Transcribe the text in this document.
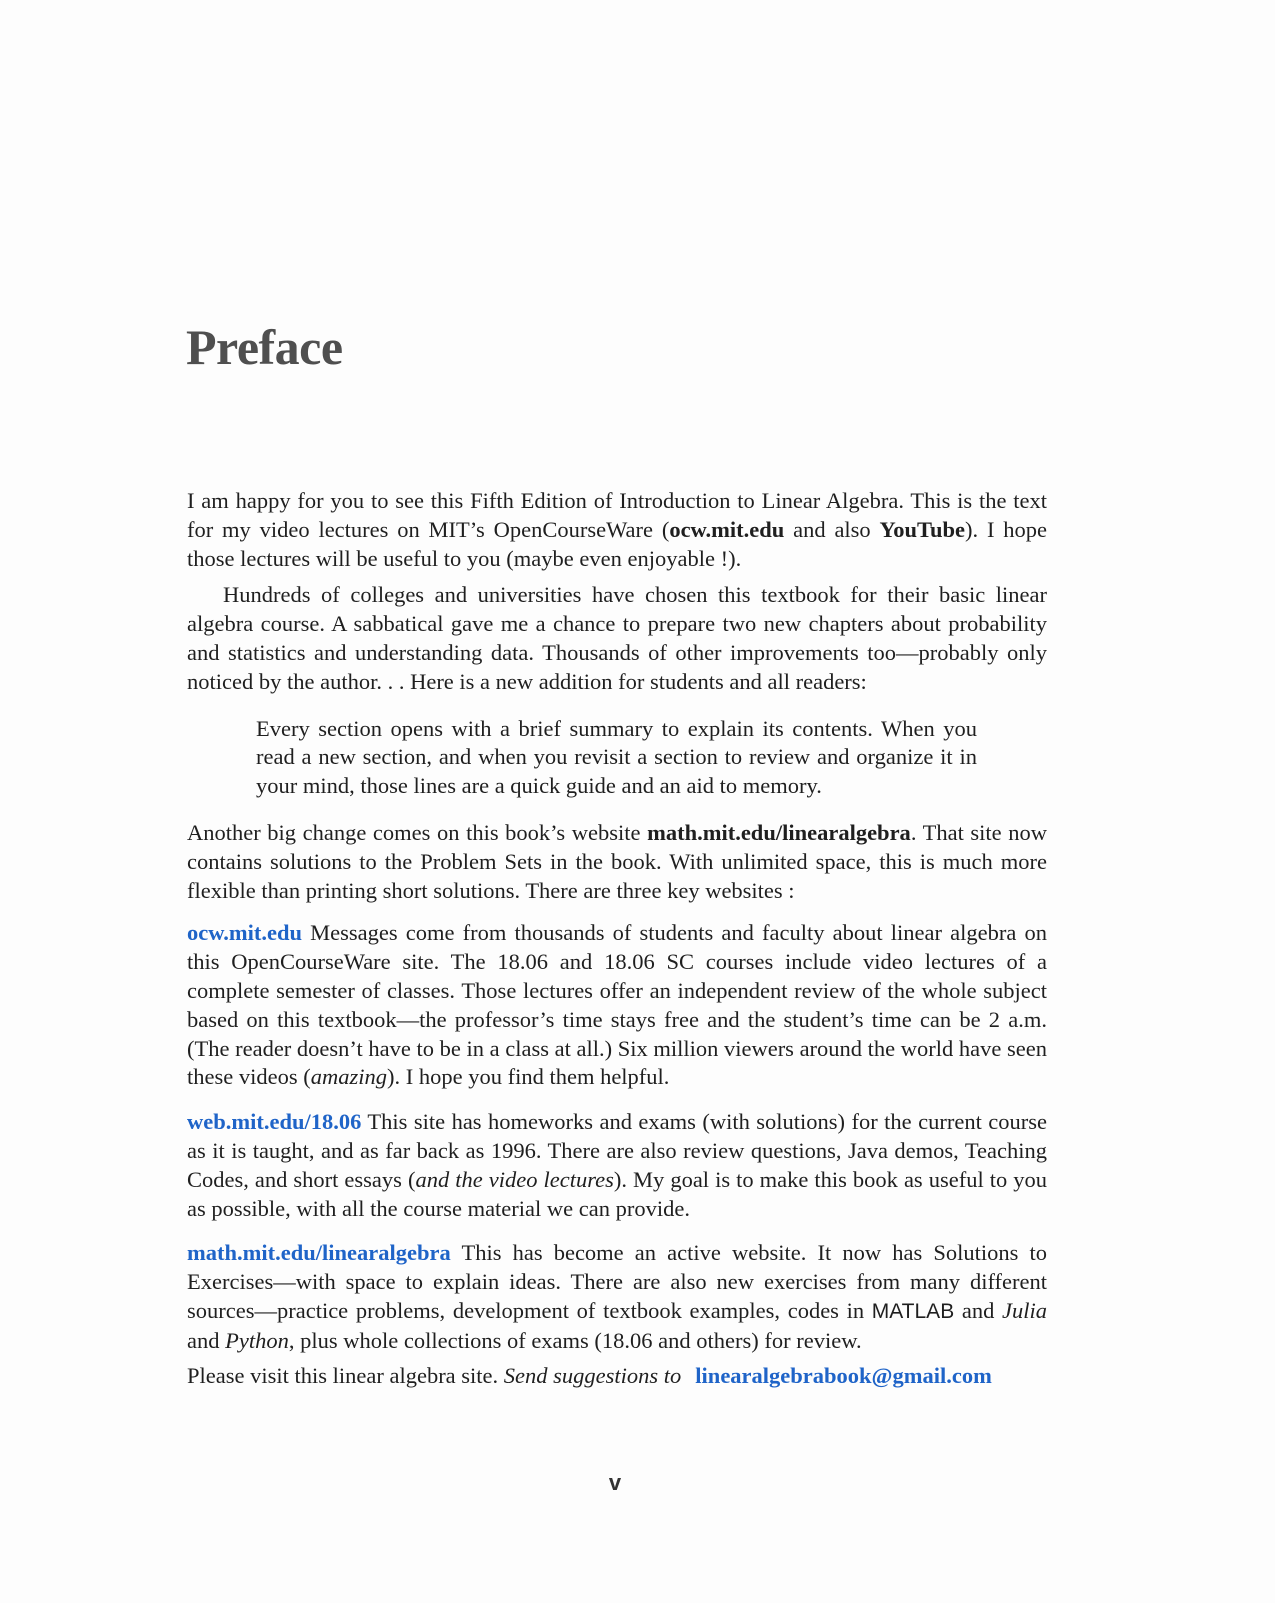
Preface

I am happy for you to see this Fifth Edition of Introduction to Linear Algebra. This is the text for my video lectures on MIT’s OpenCourseWare (ocw.mit.edu and also YouTube). I hope those lectures will be useful to you (maybe even enjoyable !).

Hundreds of colleges and universities have chosen this textbook for their basic linear algebra course. A sabbatical gave me a chance to prepare two new chapters about probability and statistics and understanding data. Thousands of other improvements too—probably only noticed by the author. . . Here is a new addition for students and all readers:

Every section opens with a brief summary to explain its contents. When you read a new section, and when you revisit a section to review and organize it in your mind, those lines are a quick guide and an aid to memory.

Another big change comes on this book’s website math.mit.edu/linearalgebra. That site now contains solutions to the Problem Sets in the book. With unlimited space, this is much more flexible than printing short solutions. There are three key websites :

ocw.mit.edu Messages come from thousands of students and faculty about linear algebra on this OpenCourseWare site. The 18.06 and 18.06 SC courses include video lectures of a complete semester of classes. Those lectures offer an independent review of the whole subject based on this textbook—the professor’s time stays free and the student’s time can be 2 a.m. (The reader doesn’t have to be in a class at all.) Six million viewers around the world have seen these videos (amazing). I hope you find them helpful.

web.mit.edu/18.06 This site has homeworks and exams (with solutions) for the current course as it is taught, and as far back as 1996. There are also review questions, Java demos, Teaching Codes, and short essays (and the video lectures). My goal is to make this book as useful to you as possible, with all the course material we can provide.

math.mit.edu/linearalgebra This has become an active website. It now has Solutions to Exercises—with space to explain ideas. There are also new exercises from many different sources—practice problems, development of textbook examples, codes in MATLAB and Julia and Python, plus whole collections of exams (18.06 and others) for review.

Please visit this linear algebra site. Send suggestions to linearalgebrabook@gmail.com

v
